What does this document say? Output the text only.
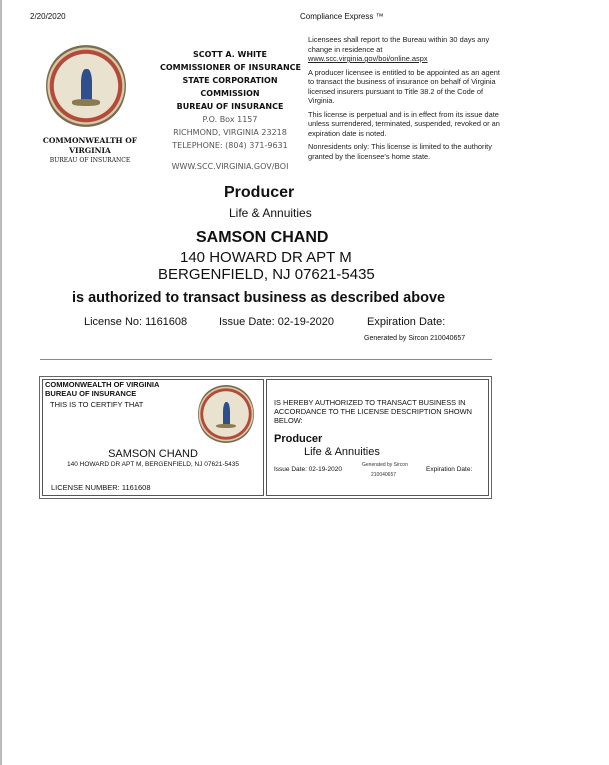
2/20/2020	Compliance Express ™
COMMONWEALTH OF
VIRGINIA
BUREAU OF INSURANCE
SCOTT A. WHITE
COMMISSIONER OF INSURANCE
STATE CORPORATION
COMMISSION
BUREAU OF INSURANCE
P.O. Box 1157
RICHMOND, VIRGINIA 23218
TELEPHONE: (804) 371-9631
WWW.SCC.VIRGINIA.GOV/BOI

Licensees shall report to the Bureau within 30 days any change in residence at
www.scc.virginia.gov/boi/online.aspx

A producer licensee is entitled to be appointed as an agent to transact the business of insurance on behalf of Virginia licensed insurers pursuant to Title 38.2 of the Code of Virginia.

This license is perpetual and is in effect from its issue date unless surrendered, terminated, suspended, revoked or an expiration date is noted.

Nonresidents only: This license is limited to the authority granted by the licensee's home state.

Producer
Life & Annuities
SAMSON CHAND
140 HOWARD DR APT M
BERGENFIELD, NJ 07621-5435
is authorized to transact business as described above
License No: 1161608	Issue Date: 02-19-2020	Expiration Date:
Generated by Sircon 210040657
COMMONWEALTH OF VIRGINIA
BUREAU OF INSURANCE
THIS IS TO CERTIFY THAT
SAMSON CHAND
140 HOWARD DR APT M, BERGENFIELD, NJ 07621-5435
LICENSE NUMBER: 1161608
IS HEREBY AUTHORIZED TO TRANSACT BUSINESS IN ACCORDANCE TO THE LICENSE DESCRIPTION SHOWN BELOW:
Producer
Life & Annuities
Issue Date: 02-19-2020
Generated by Sircon
210040657
Expiration Date:
